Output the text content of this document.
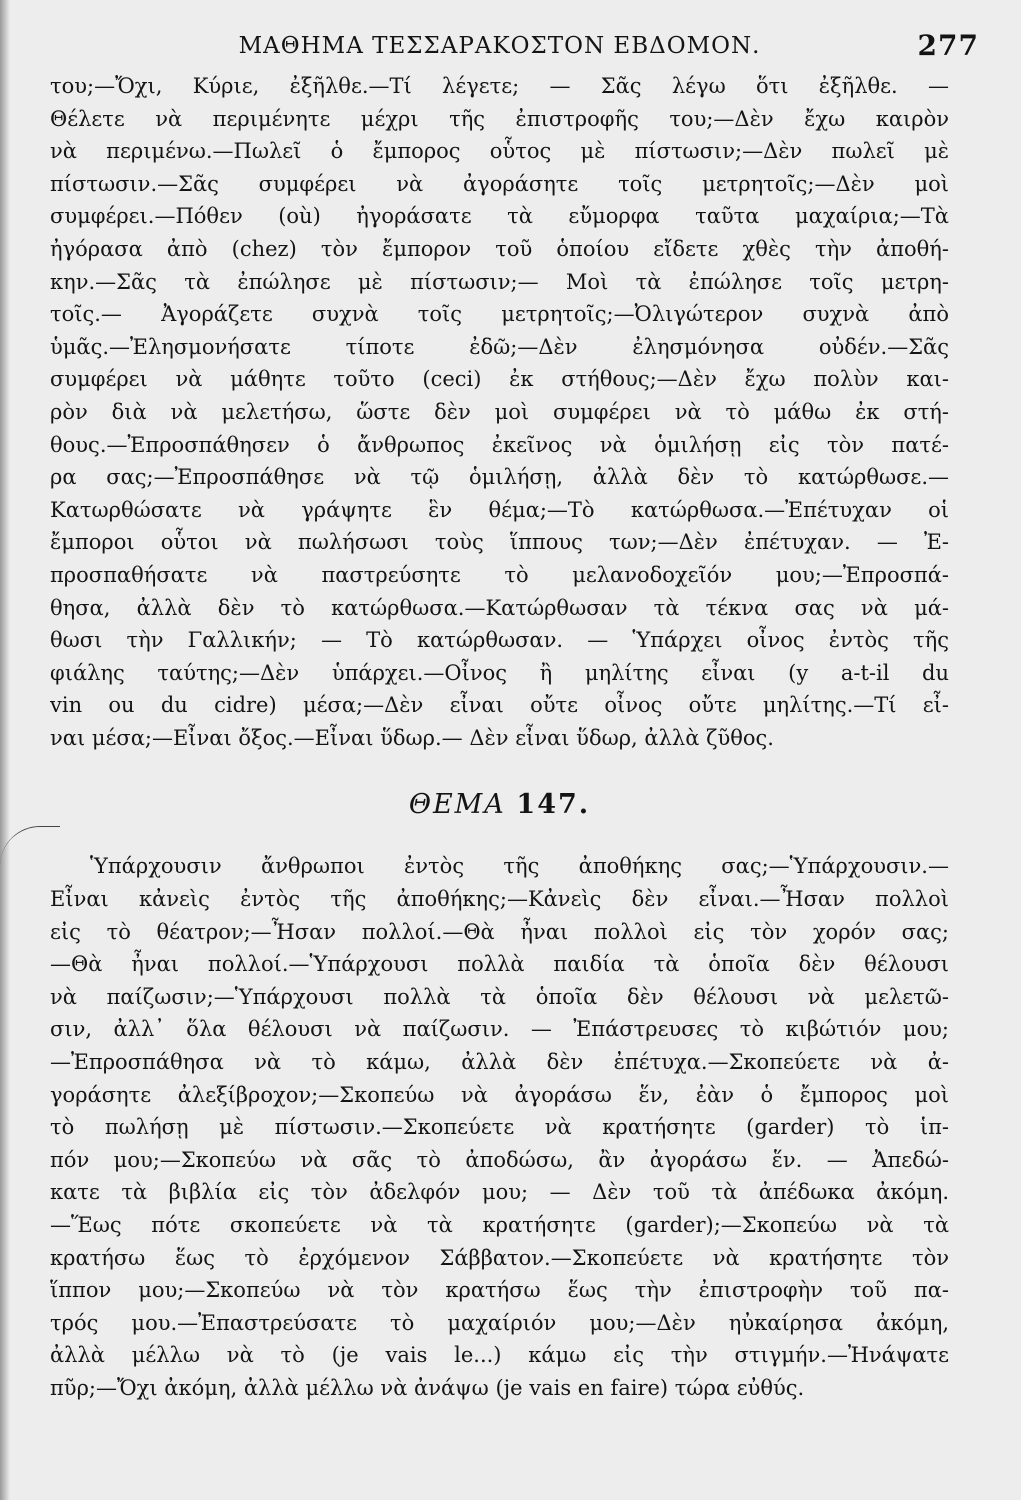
ΜΑΘΗΜΑ ΤΕΣΣΑΡΑΚΟΣΤΟΝ ΕΒΔΟΜΟΝ.	277

του;—Ὄχι, Κύριε, ἐξῆλθε.—Τί λέγετε; — Σᾶς λέγω ὅτι ἐξῆλθε. —

Θέλετε νὰ περιμένητε μέχρι τῆς ἐπιστροφῆς του;—Δὲν ἔχω καιρὸν

νὰ περιμένω.—Πωλεῖ ὁ ἔμπορος οὗτος μὲ πίστωσιν;—Δὲν πωλεῖ μὲ

πίστωσιν.—Σᾶς συμφέρει νὰ ἀγοράσητε τοῖς μετρητοῖς;—Δὲν μοὶ

συμφέρει.—Πόθεν (où) ἠγοράσατε τὰ εὔμορφα ταῦτα μαχαίρια;—Τὰ

ἠγόρασα ἀπὸ (chez) τὸν ἔμπορον τοῦ ὁποίου εἴδετε χθὲς τὴν ἀποθή-

κην.—Σᾶς τὰ ἐπώλησε μὲ πίστωσιν;— Μοὶ τὰ ἐπώλησε τοῖς μετρη-

τοῖς.— Ἀγοράζετε συχνὰ τοῖς μετρητοῖς;—Ὀλιγώτερον συχνὰ ἀπὸ

ὑμᾶς.—Ἐλησμονήσατε τίποτε ἐδῶ;—Δὲν ἐλησμόνησα οὐδέν.—Σᾶς

συμφέρει νὰ μάθητε τοῦτο (ceci) ἐκ στήθους;—Δὲν ἔχω πολὺν και-

ρὸν διὰ νὰ μελετήσω, ὥστε δὲν μοὶ συμφέρει νὰ τὸ μάθω ἐκ στή-

θους.—Ἐπροσπάθησεν ὁ ἄνθρωπος ἐκεῖνος νὰ ὁμιλήσῃ εἰς τὸν πατέ-

ρα σας;—Ἐπροσπάθησε νὰ τῷ ὁμιλήσῃ, ἀλλὰ δὲν τὸ κατώρθωσε.—

Κατωρθώσατε νὰ γράψητε ἓν θέμα;—Τὸ κατώρθωσα.—Ἐπέτυχαν οἱ

ἔμποροι οὗτοι νὰ πωλήσωσι τοὺς ἵππους των;—Δὲν ἐπέτυχαν. — Ἐ-

προσπαθήσατε νὰ παστρεύσητε τὸ μελανοδοχεῖόν μου;—Ἐπροσπά-

θησα, ἀλλὰ δὲν τὸ κατώρθωσα.—Κατώρθωσαν τὰ τέκνα σας νὰ μά-

θωσι τὴν Γαλλικήν; — Τὸ κατώρθωσαν. — Ὑπάρχει οἶνος ἐντὸς τῆς

φιάλης ταύτης;—Δὲν ὑπάρχει.—Οἶνος ἢ μηλίτης εἶναι (y a-t-il du

vin ou du cidre) μέσα;—Δὲν εἶναι οὔτε οἶνος οὔτε μηλίτης.—Τί εἶ-

ναι μέσα;—Εἶναι ὄξος.—Εἶναι ὕδωρ.— Δὲν εἶναι ὕδωρ, ἀλλὰ ζῦθος.

ΘΕΜΑ 147.

Ὑπάρχουσιν ἄνθρωποι ἐντὸς τῆς ἀποθήκης σας;—Ὑπάρχουσιν.—

Εἶναι κἀνεὶς ἐντὸς τῆς ἀποθήκης;—Κἀνεὶς δὲν εἶναι.—Ἦσαν πολλοὶ

εἰς τὸ θέατρον;—Ἦσαν πολλοί.—Θὰ ἦναι πολλοὶ εἰς τὸν χορόν σας;

—Θὰ ἦναι πολλοί.—Ὑπάρχουσι πολλὰ παιδία τὰ ὁποῖα δὲν θέλουσι

νὰ παίζωσιν;—Ὑπάρχουσι πολλὰ τὰ ὁποῖα δὲν θέλουσι νὰ μελετῶ-

σιν, ἀλλ᾽ ὅλα θέλουσι νὰ παίζωσιν. — Ἐπάστρευσες τὸ κιβώτιόν μου;

—Ἐπροσπάθησα νὰ τὸ κάμω, ἀλλὰ δὲν ἐπέτυχα.—Σκοπεύετε νὰ ἀ-

γοράσητε ἀλεξίβροχον;—Σκοπεύω νὰ ἀγοράσω ἕν, ἐὰν ὁ ἔμπορος μοὶ

τὸ πωλήσῃ μὲ πίστωσιν.—Σκοπεύετε νὰ κρατήσητε (garder) τὸ ἱπ-

πόν μου;—Σκοπεύω νὰ σᾶς τὸ ἀποδώσω, ἂν ἀγοράσω ἕν. — Ἀπεδώ-

κατε τὰ βιβλία εἰς τὸν ἀδελφόν μου; — Δὲν τοῦ τὰ ἀπέδωκα ἀκόμη.

—Ἕως πότε σκοπεύετε νὰ τὰ κρατήσητε (garder);—Σκοπεύω νὰ τὰ

κρατήσω ἕως τὸ ἐρχόμενον Σάββατον.—Σκοπεύετε νὰ κρατήσητε τὸν

ἵππον μου;—Σκοπεύω νὰ τὸν κρατήσω ἕως τὴν ἐπιστροφὴν τοῦ πα-

τρός μου.—Ἐπαστρεύσατε τὸ μαχαίριόν μου;—Δὲν ηὐκαίρησα ἀκόμη,

ἀλλὰ μέλλω νὰ τὸ (je vais le...) κάμω εἰς τὴν στιγμήν.—Ἠνάψατε

πῦρ;—Ὄχι ἀκόμη, ἀλλὰ μέλλω νὰ ἀνάψω (je vais en faire) τώρα εὐθύς.
